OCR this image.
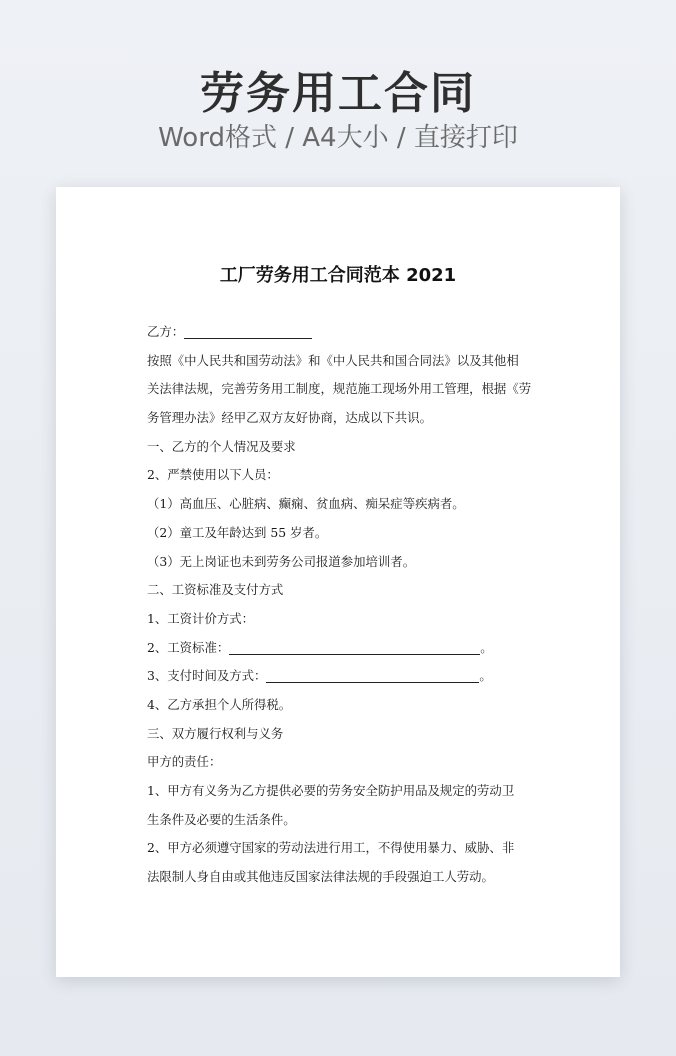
劳务用工合同
Word格式 / A4大小 / 直接打印
工厂劳务用工合同范本 2021
乙方：
按照《中人民共和国劳动法》和《中人民共和国合同法》以及其他相
关法律法规，完善劳务用工制度，规范施工现场外用工管理，根据《劳
务管理办法》经甲乙双方友好协商，达成以下共识。
一、乙方的个人情况及要求
2、严禁使用以下人员：
（1）高血压、心脏病、癫痫、贫血病、痴呆症等疾病者。
（2）童工及年龄达到 55 岁者。
（3）无上岗证也未到劳务公司报道参加培训者。
二、工资标准及支付方式
1、工资计价方式：
2、工资标准：	。
3、支付时间及方式：	。
4、乙方承担个人所得税。
三、双方履行权利与义务
甲方的责任：
1、甲方有义务为乙方提供必要的劳务安全防护用品及规定的劳动卫
生条件及必要的生活条件。
2、甲方必须遵守国家的劳动法进行用工，不得使用暴力、威胁、非
法限制人身自由或其他违反国家法律法规的手段强迫工人劳动。
